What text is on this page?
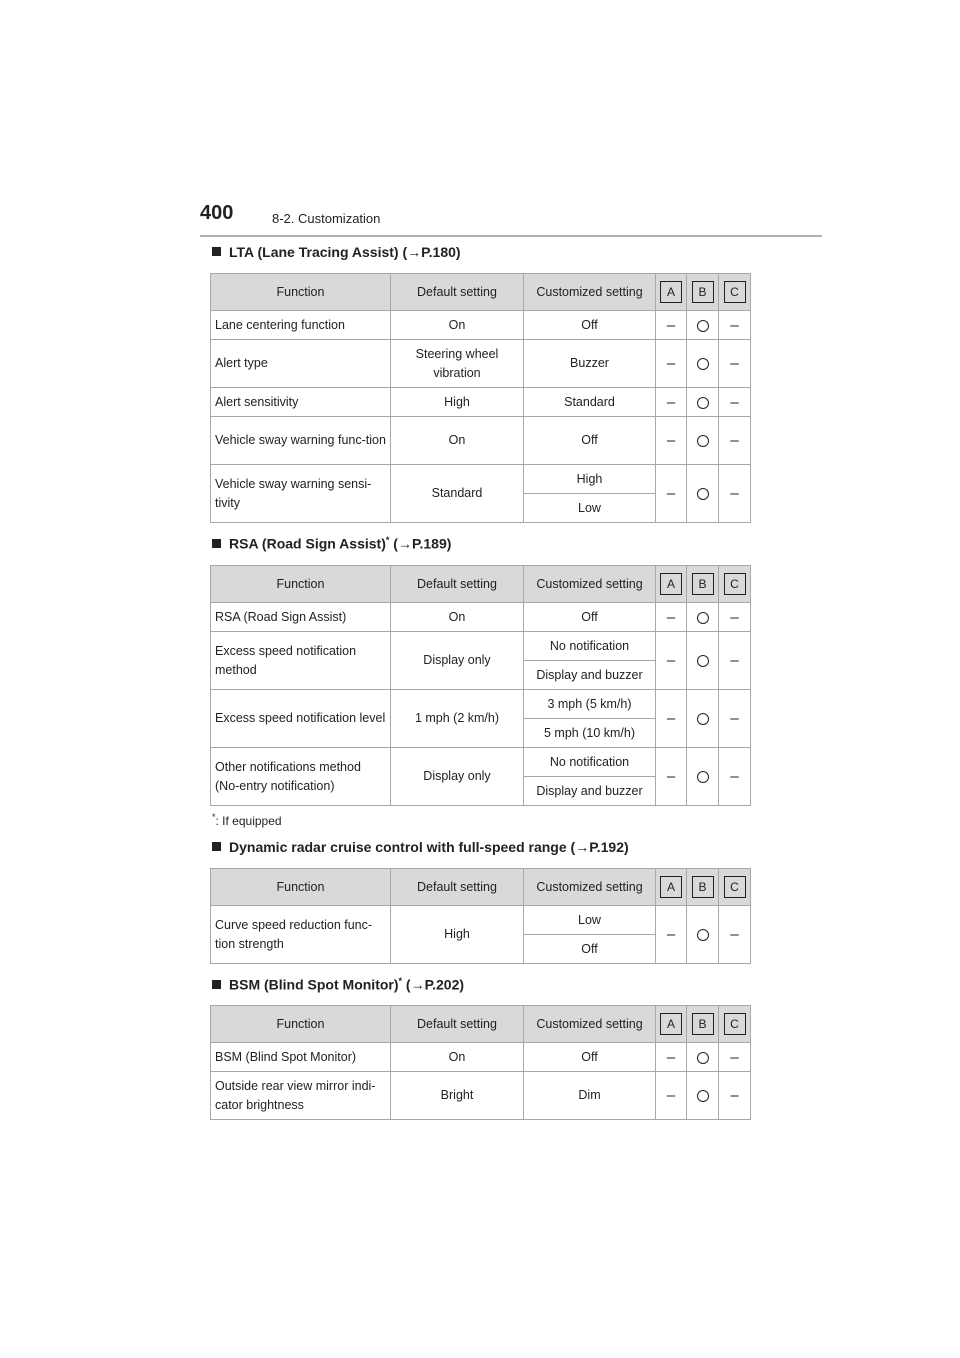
400	8-2. Customization
LTA (Lane Tracing Assist) (→P.180)
Function	Default setting	Customized setting	A	B	C
Lane centering function	On	Off	–		–
Alert type	Steering wheel vibration	Buzzer	–		–
Alert sensitivity	High	Standard	–		–
Vehicle sway warning func-tion	On	Off	–		–
Vehicle sway warning sensi-tivity	Standard	High	–		–
		Low			
RSA (Road Sign Assist)* (→P.189)
Function	Default setting	Customized setting	A	B	C
RSA (Road Sign Assist)	On	Off	–		–
Excess speed notification method	Display only	No notification	–		–
		Display and buzzer			
Excess speed notification level	1 mph (2 km/h)	3 mph (5 km/h)	–		–
		5 mph (10 km/h)			
Other notifications method (No-entry notification)	Display only	No notification	–		–
		Display and buzzer			
*: If equipped
Dynamic radar cruise control with full-speed range (→P.192)
Function	Default setting	Customized setting	A	B	C
Curve speed reduction func-tion strength	High	Low	–		–
		Off			
BSM (Blind Spot Monitor)* (→P.202)
Function	Default setting	Customized setting	A	B	C
BSM (Blind Spot Monitor)	On	Off	–		–
Outside rear view mirror indi-cator brightness	Bright	Dim	–		–
